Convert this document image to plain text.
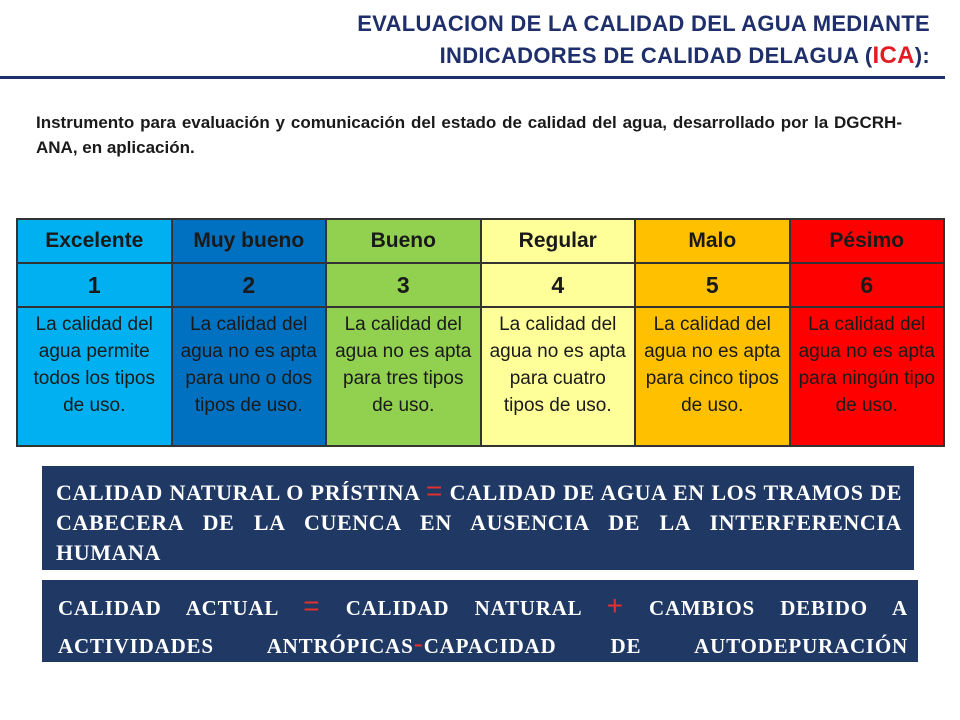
EVALUACION DE LA CALIDAD DEL AGUA MEDIANTE
INDICADORES DE CALIDAD DELAGUA (ICA):
Instrumento para evaluación y comunicación del estado de calidad del agua, desarrollado por la DGCRH-ANA, en aplicación.
Excelente	Muy bueno	Bueno	Regular	Malo	Pésimo
1	2	3	4	5	6
La calidad del agua permite todos los tipos de uso.	La calidad del agua no es apta para uno o dos tipos de uso.	La calidad del agua no es apta para tres tipos de uso.	La calidad del agua no es apta para cuatro tipos de uso.	La calidad del agua no es apta para cinco tipos de uso.	La calidad del agua no es apta para ningún tipo de uso.
CALIDAD NATURAL O PRÍSTINA = CALIDAD DE AGUA EN LOS TRAMOS DE CABECERA DE LA CUENCA EN AUSENCIA DE LA INTERFERENCIA HUMANA
CALIDAD ACTUAL = CALIDAD NATURAL + CAMBIOS DEBIDO A ACTIVIDADES ANTRÓPICAS-CAPACIDAD DE AUTODEPURACIÓN
